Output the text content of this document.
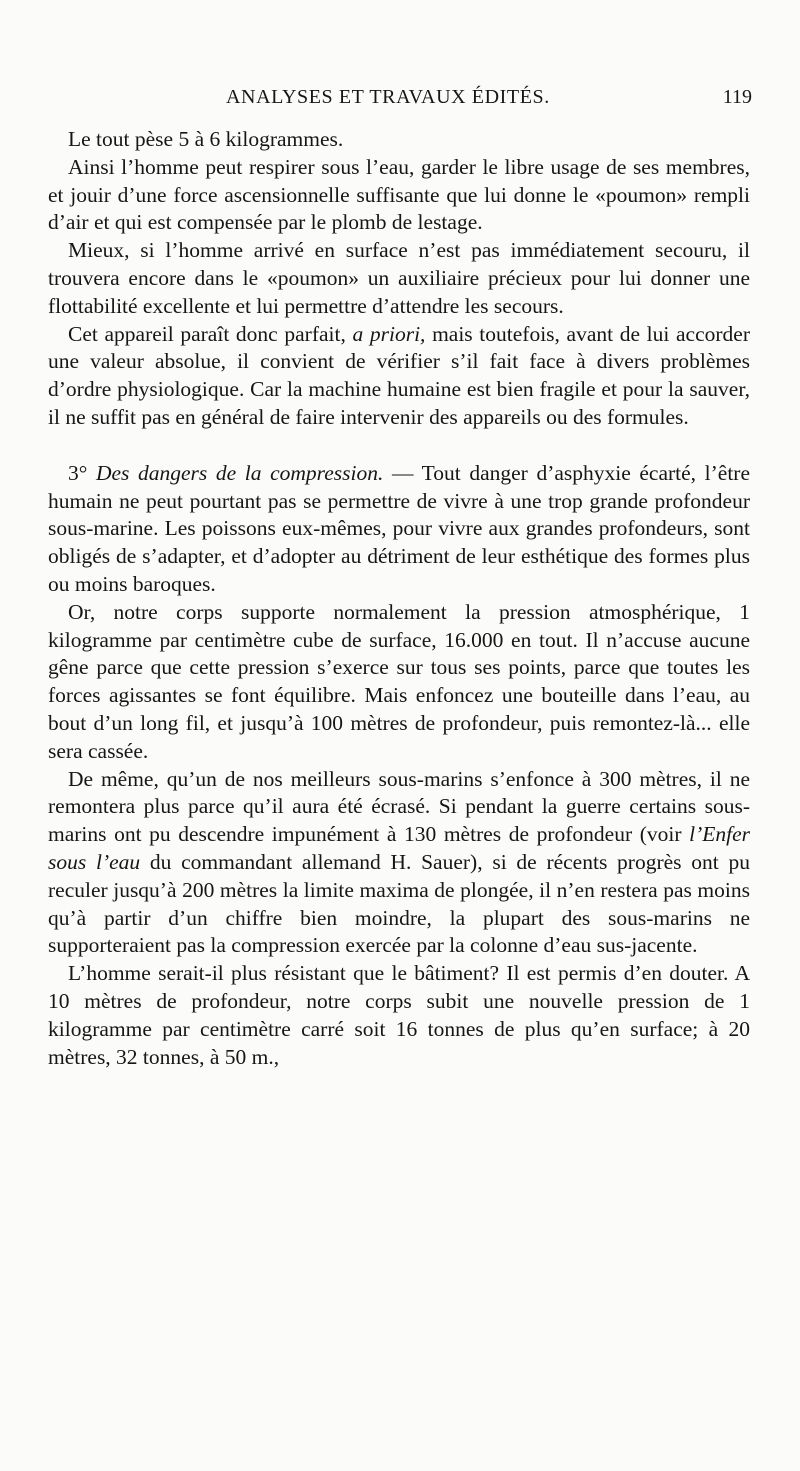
ANALYSES ET TRAVAUX ÉDITÉS.	119

Le tout pèse 5 à 6 kilogrammes.

Ainsi l’homme peut respirer sous l’eau, garder le libre usage de ses membres, et jouir d’une force ascensionnelle suffisante que lui donne le «poumon» rempli d’air et qui est compensée par le plomb de lestage.

Mieux, si l’homme arrivé en surface n’est pas immédiatement secouru, il trouvera encore dans le «poumon» un auxiliaire précieux pour lui donner une flottabilité excellente et lui permettre d’attendre les secours.

Cet appareil paraît donc parfait, a priori, mais toutefois, avant de lui accorder une valeur absolue, il convient de vérifier s’il fait face à divers problèmes d’ordre physiologique. Car la machine humaine est bien fragile et pour la sauver, il ne suffit pas en général de faire intervenir des appareils ou des formules.

3° Des dangers de la compression. — Tout danger d’asphyxie écarté, l’être humain ne peut pourtant pas se permettre de vivre à une trop grande profondeur sous-marine. Les poissons eux-mêmes, pour vivre aux grandes profondeurs, sont obligés de s’adapter, et d’adopter au détriment de leur esthétique des formes plus ou moins baroques.

Or, notre corps supporte normalement la pression atmosphérique, 1 kilogramme par centimètre cube de surface, 16.000 en tout. Il n’accuse aucune gêne parce que cette pression s’exerce sur tous ses points, parce que toutes les forces agissantes se font équilibre. Mais enfoncez une bouteille dans l’eau, au bout d’un long fil, et jusqu’à 100 mètres de profondeur, puis remontez-là... elle sera cassée.

De même, qu’un de nos meilleurs sous-marins s’enfonce à 300 mètres, il ne remontera plus parce qu’il aura été écrasé. Si pendant la guerre certains sous-marins ont pu descendre impunément à 130 mètres de profondeur (voir l’Enfer sous l’eau du commandant allemand H. Sauer), si de récents progrès ont pu reculer jusqu’à 200 mètres la limite maxima de plongée, il n’en restera pas moins qu’à partir d’un chiffre bien moindre, la plupart des sous-marins ne supporteraient pas la compression exercée par la colonne d’eau sus-jacente.

L’homme serait-il plus résistant que le bâtiment? Il est permis d’en douter. A 10 mètres de profondeur, notre corps subit une nouvelle pression de 1 kilogramme par centimètre carré soit 16 tonnes de plus qu’en surface; à 20 mètres, 32 tonnes, à 50 m.,
